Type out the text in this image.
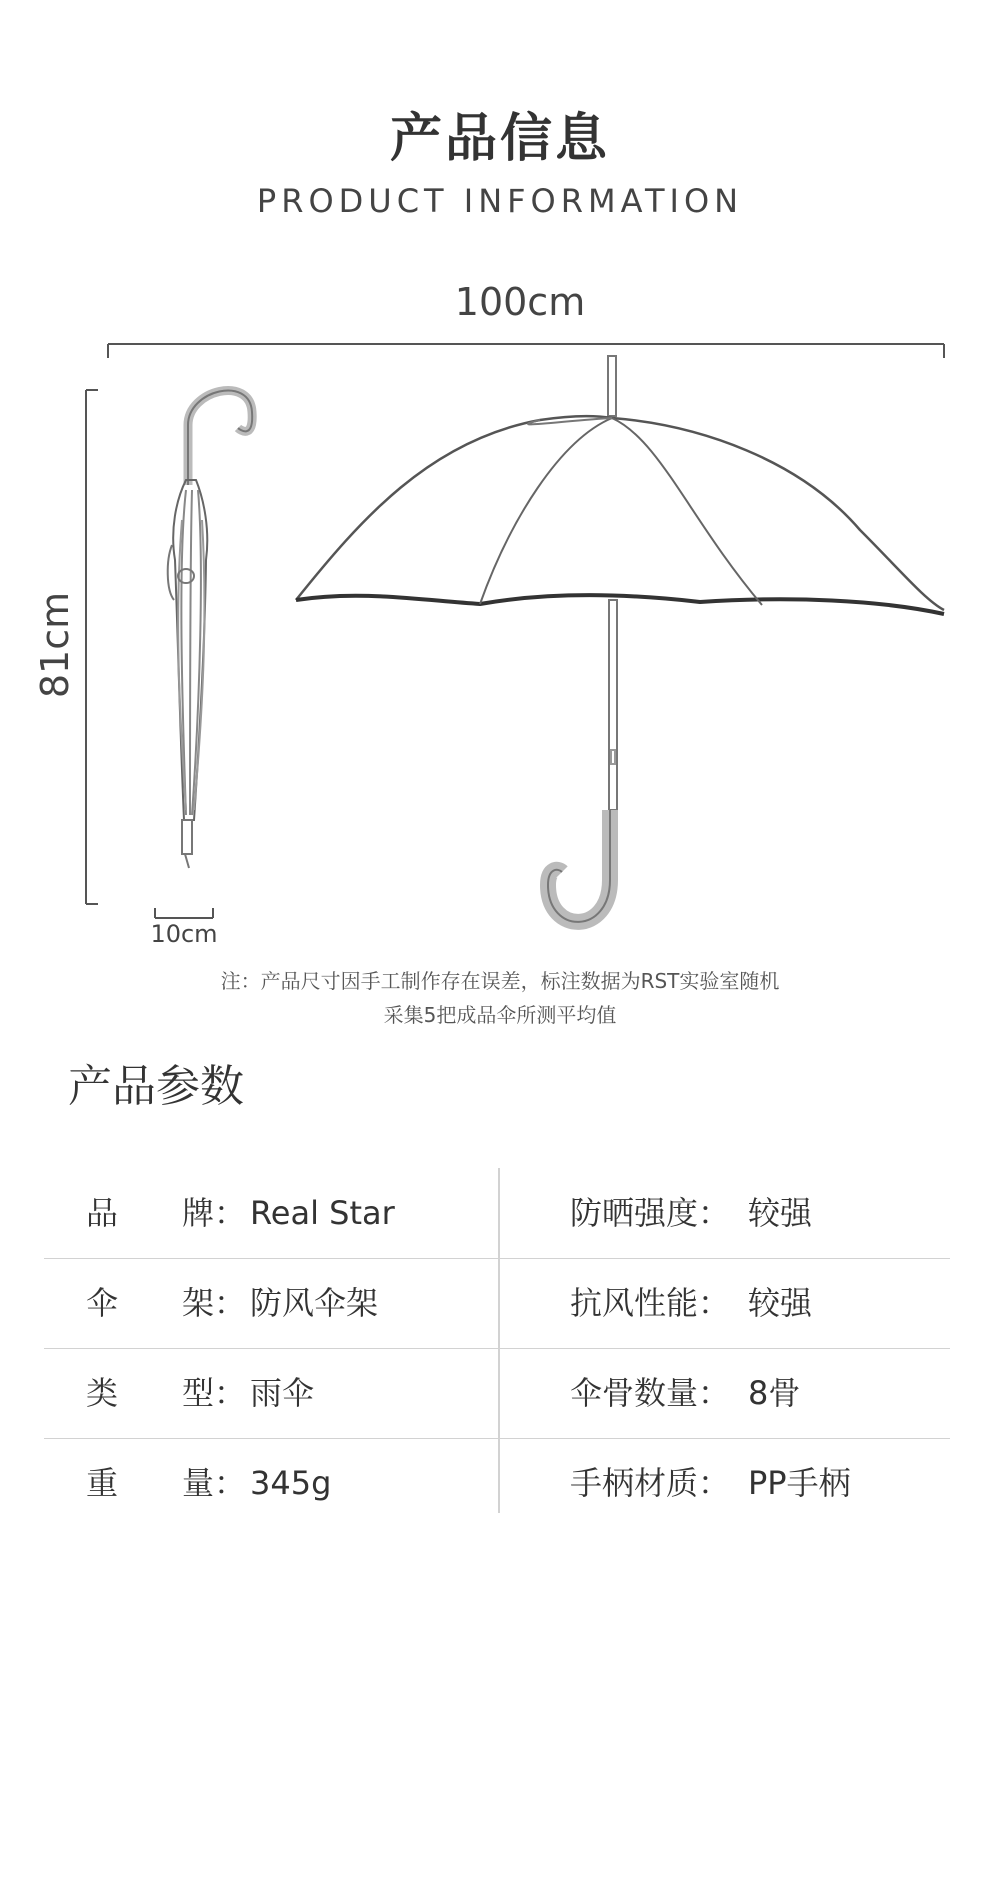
产品信息
PRODUCT INFORMATION
100cm
81cm
10cm
注：产品尺寸因手工制作存在误差，标注数据为RST实验室随机
采集5把成品伞所测平均值
产品参数
品 牌： Real Star	防晒强度： 较强
伞 架： 防风伞架	抗风性能： 较强
类 型： 雨伞	伞骨数量： 8骨
重 量： 345g	手柄材质： PP手柄
